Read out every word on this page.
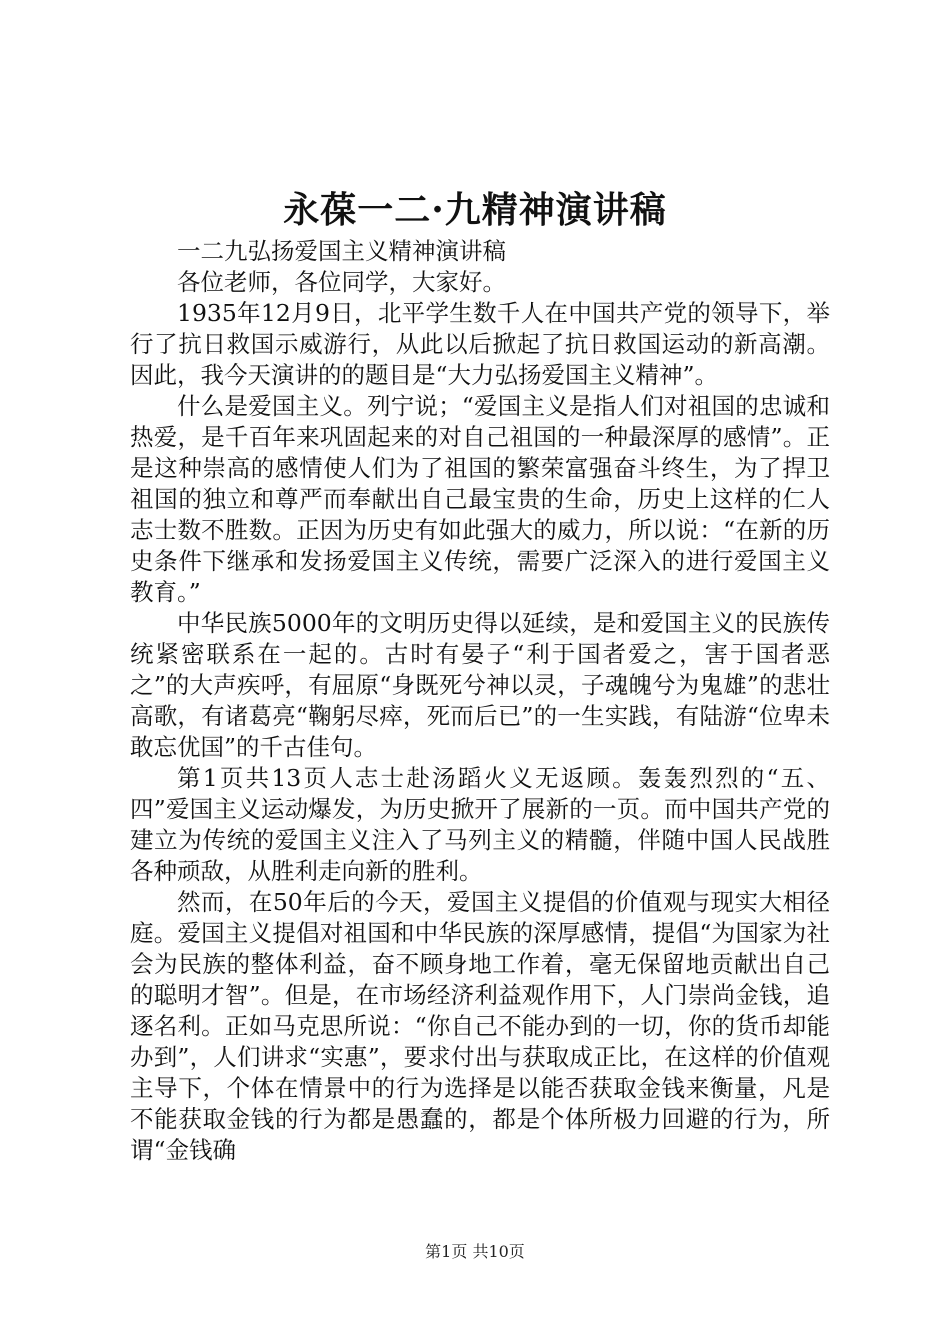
永葆一二·九精神演讲稿

一二九弘扬爱国主义精神演讲稿

各位老师，各位同学，大家好。

1935年12月9日，北平学生数千人在中国共产党的领导下，举行了抗日救国示威游行，从此以后掀起了抗日救国运动的新高潮。因此，我今天演讲的的题目是“大力弘扬爱国主义精神”。

什么是爱国主义。列宁说；“爱国主义是指人们对祖国的忠诚和热爱，是千百年来巩固起来的对自己祖国的一种最深厚的感情”。正是这种崇高的感情使人们为了祖国的繁荣富强奋斗终生，为了捍卫祖国的独立和尊严而奉献出自己最宝贵的生命，历史上这样的仁人志士数不胜数。正因为历史有如此强大的威力，所以说：“在新的历史条件下继承和发扬爱国主义传统，需要广泛深入的进行爱国主义教育。”

中华民族5000年的文明历史得以延续，是和爱国主义的民族传统紧密联系在一起的。古时有晏子“利于国者爱之，害于国者恶之”的大声疾呼，有屈原“身既死兮神以灵，子魂魄兮为鬼雄”的悲壮高歌，有诸葛亮“鞠躬尽瘁，死而后已”的一生实践，有陆游“位卑未敢忘优国”的千古佳句。

第1页共13页人志士赴汤蹈火义无返顾。轰轰烈烈的“五、四”爱国主义运动爆发，为历史掀开了展新的一页。而中国共产党的建立为传统的爱国主义注入了马列主义的精髓，伴随中国人民战胜各种顽敌，从胜利走向新的胜利。

然而，在50年后的今天，爱国主义提倡的价值观与现实大相径庭。爱国主义提倡对祖国和中华民族的深厚感情，提倡“为国家为社会为民族的整体利益，奋不顾身地工作着，毫无保留地贡献出自己的聪明才智”。但是，在市场经济利益观作用下，人门崇尚金钱，追逐名利。正如马克思所说：“你自己不能办到的一切，你的货币却能办到”，人们讲求“实惠”，要求付出与获取成正比，在这样的价值观主导下，个体在情景中的行为选择是以能否获取金钱来衡量，凡是不能获取金钱的行为都是愚蠢的，都是个体所极力回避的行为，所谓“金钱确

第1页 共10页
